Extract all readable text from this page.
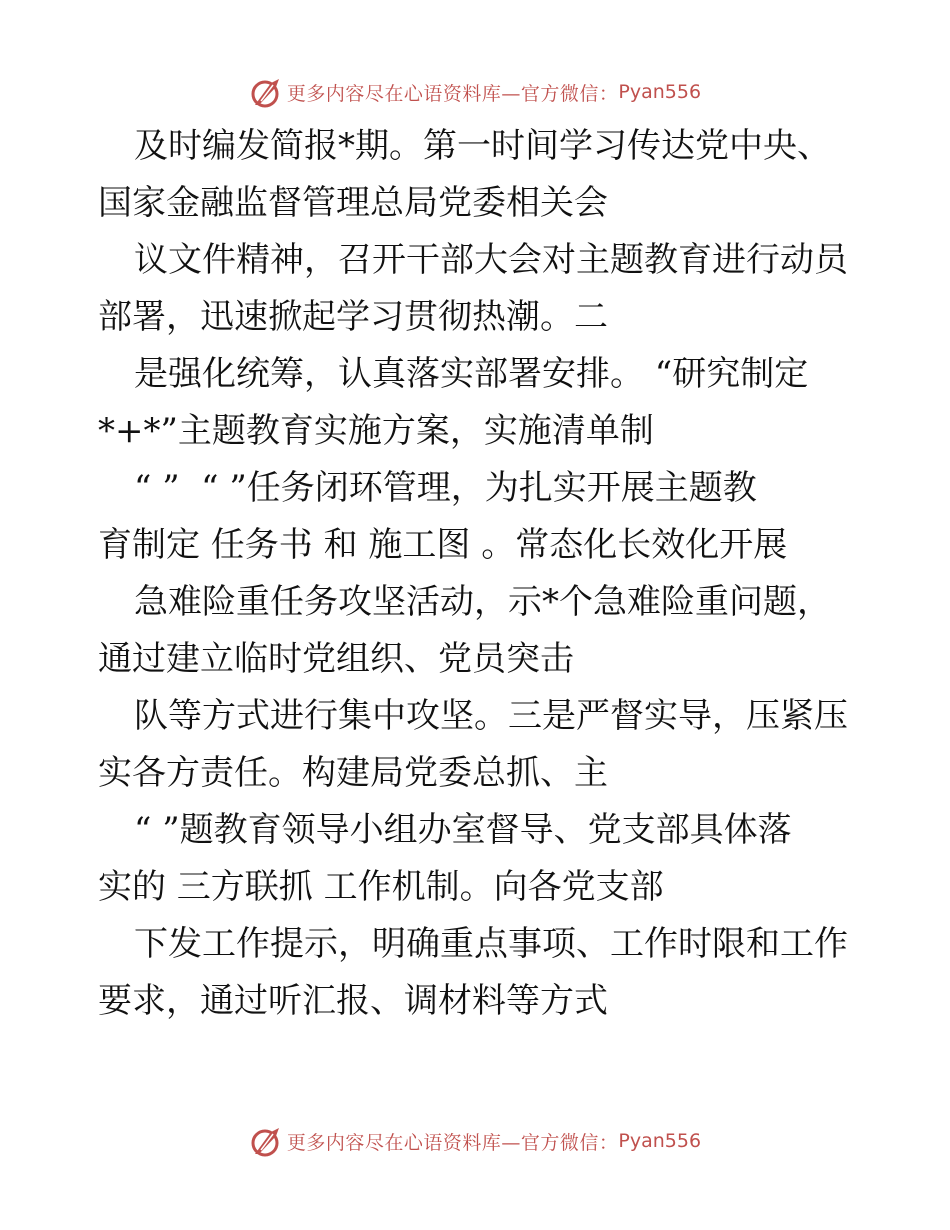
更多内容尽在心语资料库—官方微信： Pyan556
及时编发简报*期。第一时间学习传达党中央、
国家金融监督管理总局党委相关会
议文件精神，召开干部大会对主题教育进行动员
部署，迅速掀起学习贯彻热潮。二
是强化统筹，认真落实部署安排。 “研究制定
*+*”主题教育实施方案，实施清单制
“ ”  “ ”任务闭环管理，为扎实开展主题教
育制定 任务书 和 施工图 。常态化长效化开展
急难险重任务攻坚活动，示*个急难险重问题，
通过建立临时党组织、党员突击
队等方式进行集中攻坚。三是严督实导，压紧压
实各方责任。构建局党委总抓、主
“ ”题教育领导小组办室督导、党支部具体落
实的 三方联抓 工作机制。向各党支部
下发工作提示，明确重点事项、工作时限和工作
要求，通过听汇报、调材料等方式
更多内容尽在心语资料库—官方微信： Pyan556
